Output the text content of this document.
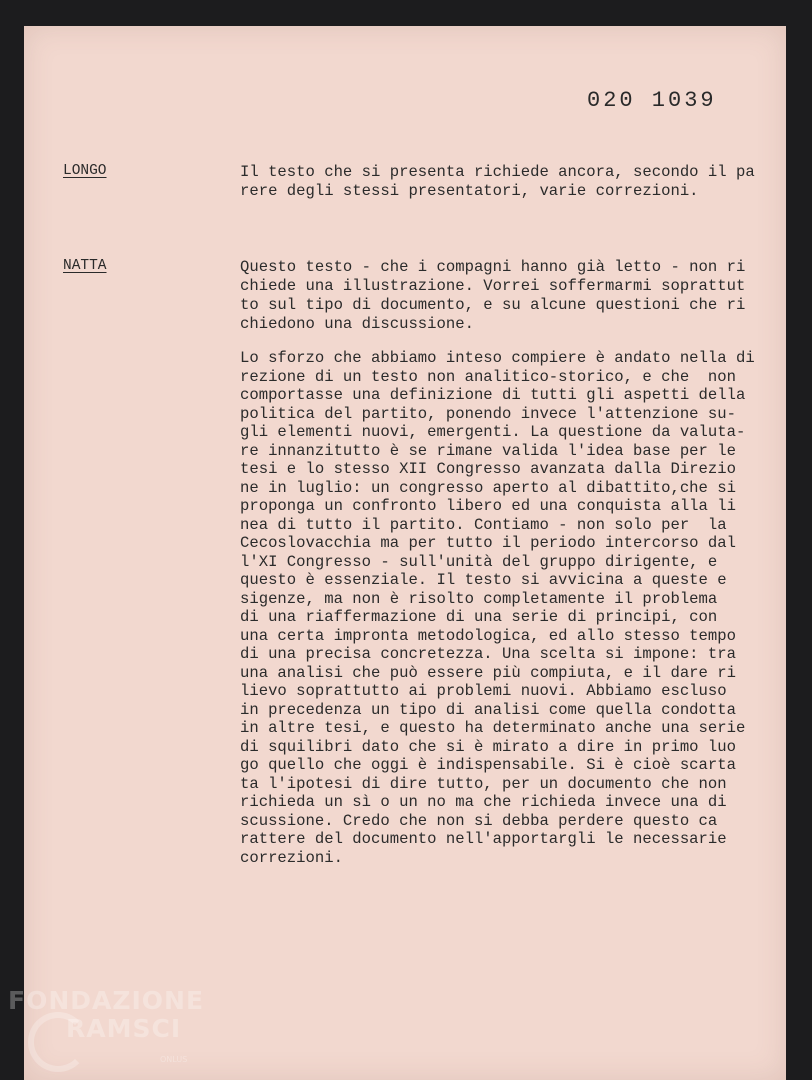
020 1039
LONGO	Il testo che si presenta richiede ancora, secondo il pa
rere degli stessi presentatori, varie correzioni.
NATTA	Questo testo - che i compagni hanno già letto - non ri
chiede una illustrazione. Vorrei soffermarmi soprattut
to sul tipo di documento, e su alcune questioni che ri
chiedono una discussione.
Lo sforzo che abbiamo inteso compiere è andato nella di
rezione di un testo non analitico-storico, e che  non
comportasse una definizione di tutti gli aspetti della
politica del partito, ponendo invece l'attenzione su-
gli elementi nuovi, emergenti. La questione da valuta-
re innanzitutto è se rimane valida l'idea base per le
tesi e lo stesso XII Congresso avanzata dalla Direzio
ne in luglio: un congresso aperto al dibattito,che si
proponga un confronto libero ed una conquista alla li
nea di tutto il partito. Contiamo - non solo per  la
Cecoslovacchia ma per tutto il periodo intercorso dal
l'XI Congresso - sull'unità del gruppo dirigente, e
questo è essenziale. Il testo si avvicina a queste e
sigenze, ma non è risolto completamente il problema
di una riaffermazione di una serie di principi, con
una certa impronta metodologica, ed allo stesso tempo
di una precisa concretezza. Una scelta si impone: tra
una analisi che può essere più compiuta, e il dare ri
lievo soprattutto ai problemi nuovi. Abbiamo escluso
in precedenza un tipo di analisi come quella condotta
in altre tesi, e questo ha determinato anche una serie
di squilibri dato che si è mirato a dire in primo luo
go quello che oggi è indispensabile. Si è cioè scarta
ta l'ipotesi di dire tutto, per un documento che non
richieda un sì o un no ma che richieda invece una di
scussione. Credo che non si debba perdere questo ca
rattere del documento nell'apportargli le necessarie
correzioni.
FONDAZIONE
RAMSCI
ONLUS
